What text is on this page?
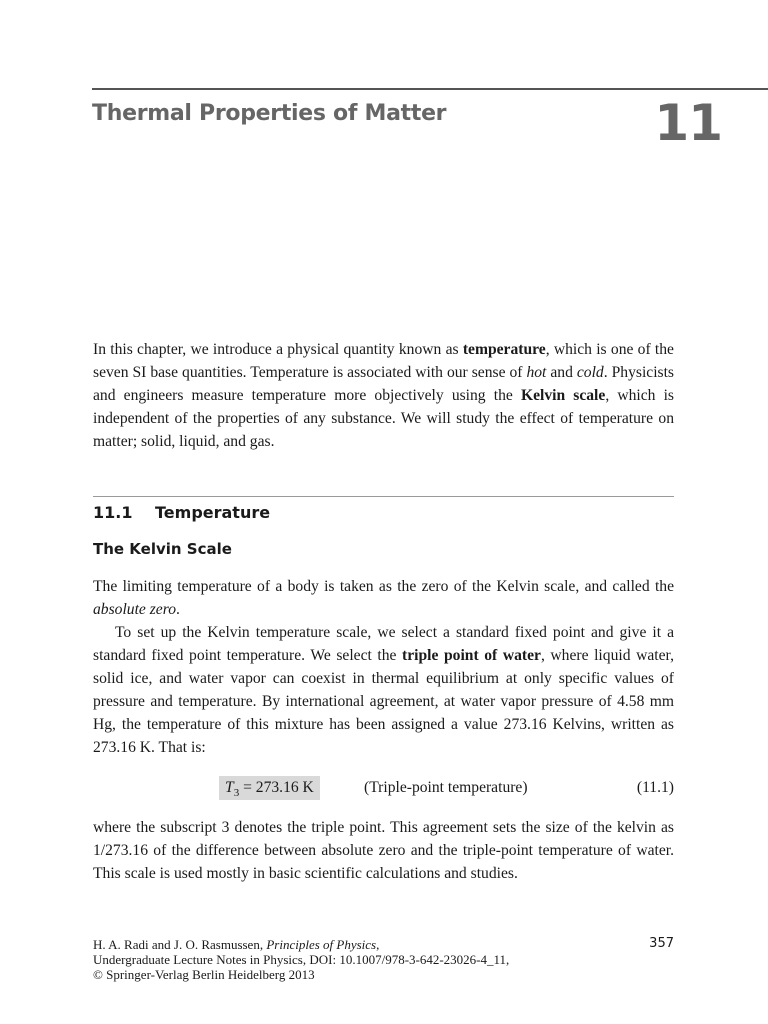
Thermal Properties of Matter	11

In this chapter, we introduce a physical quantity known as temperature, which is one of the seven SI base quantities. Temperature is associated with our sense of hot and cold. Physicists and engineers measure temperature more objectively using the Kelvin scale, which is independent of the properties of any substance. We will study the effect of temperature on matter; solid, liquid, and gas.

11.1 Temperature
The Kelvin Scale

The limiting temperature of a body is taken as the zero of the Kelvin scale, and called the absolute zero.

To set up the Kelvin temperature scale, we select a standard fixed point and give it a standard fixed point temperature. We select the triple point of water, where liquid water, solid ice, and water vapor can coexist in thermal equilibrium at only specific values of pressure and temperature. By international agreement, at water vapor pressure of 4.58 mm Hg, the temperature of this mixture has been assigned a value 273.16 Kelvins, written as 273.16 K. That is:

$T_3 = 273.16$ K	(Triple-point temperature)	(11.1)

where the subscript 3 denotes the triple point. This agreement sets the size of the kelvin as 1/273.16 of the difference between absolute zero and the triple-point temperature of water. This scale is used mostly in basic scientific calculations and studies.

H. A. Radi and J. O. Rasmussen, Principles of Physics,
Undergraduate Lecture Notes in Physics, DOI: 10.1007/978-3-642-23026-4_11,
© Springer-Verlag Berlin Heidelberg 2013
357
